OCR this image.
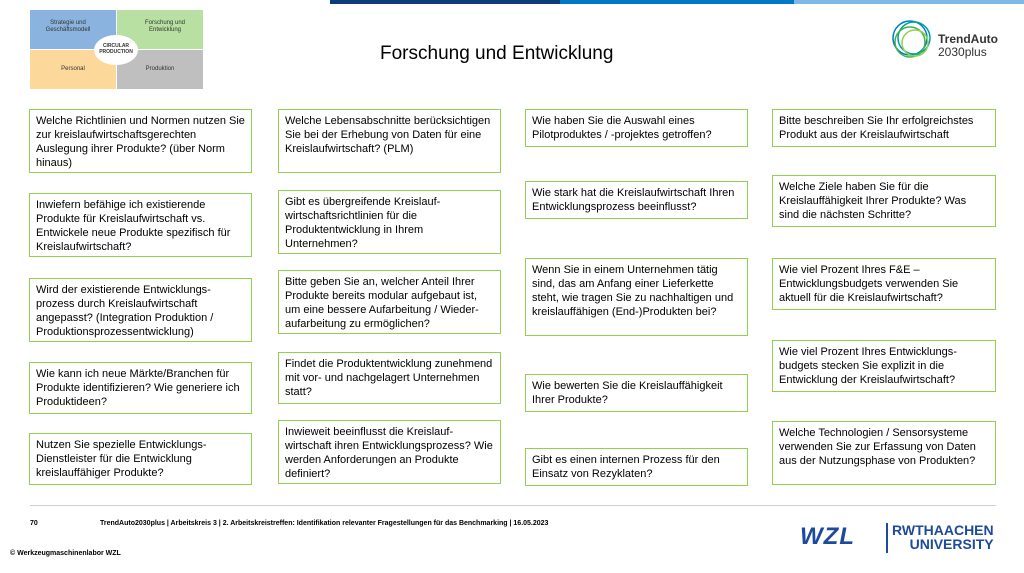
Strategie und Geschäftsmodell
Forschung und Entwicklung
Personal	Produktion
CIRCULAR
PRODUCTION	Forschung und Entwicklung
TrendAuto
2030plus
Welche Richtlinien und Normen nutzen Sie zur kreislaufwirtschaftsgerechten Auslegung ihrer Produkte? (über Norm hinaus)
Inwiefern befähige ich existierende Produkte für Kreislaufwirtschaft vs. Entwickele neue Produkte spezifisch für Kreislaufwirtschaft?
Wird der existierende Entwicklungs-prozess durch Kreislaufwirtschaft angepasst? (Integration Produktion / Produktionsprozessentwicklung)
Wie kann ich neue Märkte/Branchen für Produkte identifizieren? Wie generiere ich Produktideen?
Nutzen Sie spezielle Entwicklungs-Dienstleister für die Entwicklung kreislauffähiger Produkte?
Welche Lebensabschnitte berücksichtigen Sie bei der Erhebung von Daten für eine Kreislaufwirtschaft? (PLM)
Gibt es übergreifende Kreislauf-wirtschaftsrichtlinien für die Produktentwicklung in Ihrem Unternehmen?
Bitte geben Sie an, welcher Anteil Ihrer Produkte bereits modular aufgebaut ist, um eine bessere Aufarbeitung / Wieder-aufarbeitung zu ermöglichen?
Findet die Produktentwicklung zunehmend mit vor- und nachgelagert Unternehmen statt?
Inwieweit beeinflusst die Kreislauf-wirtschaft ihren Entwicklungsprozess? Wie werden Anforderungen an Produkte definiert?
Wie haben Sie die Auswahl eines Pilotproduktes / -projektes getroffen?
Wie stark hat die Kreislaufwirtschaft Ihren Entwicklungsprozess beeinflusst?
Wenn Sie in einem Unternehmen tätig sind, das am Anfang einer Lieferkette steht, wie tragen Sie zu nachhaltigen und kreislauffähigen (End-)Produkten bei?
Wie bewerten Sie die Kreislauffähigkeit Ihrer Produkte?
Gibt es einen internen Prozess für den Einsatz von Rezyklaten?
Bitte beschreiben Sie Ihr erfolgreichstes Produkt aus der Kreislaufwirtschaft
Welche Ziele haben Sie für die Kreislauffähigkeit Ihrer Produkte? Was sind die nächsten Schritte?
Wie viel Prozent Ihres F&E – Entwicklungsbudgets verwenden Sie aktuell für die Kreislaufwirtschaft?
Wie viel Prozent Ihres Entwicklungs-budgets stecken Sie explizit in die Entwicklung der Kreislaufwirtschaft?
Welche Technologien / Sensorsysteme verwenden Sie zur Erfassung von Daten aus der Nutzungsphase von Produkten?
70	TrendAuto2030plus | Arbeitskreis 3 | 2. Arbeitskreistreffen: Identifikation relevanter Fragestellungen für das Benchmarking | 16.05.2023
© Werkzeugmaschinenlabor WZL
WZL	RWTHAACHEN
UNIVERSITY
